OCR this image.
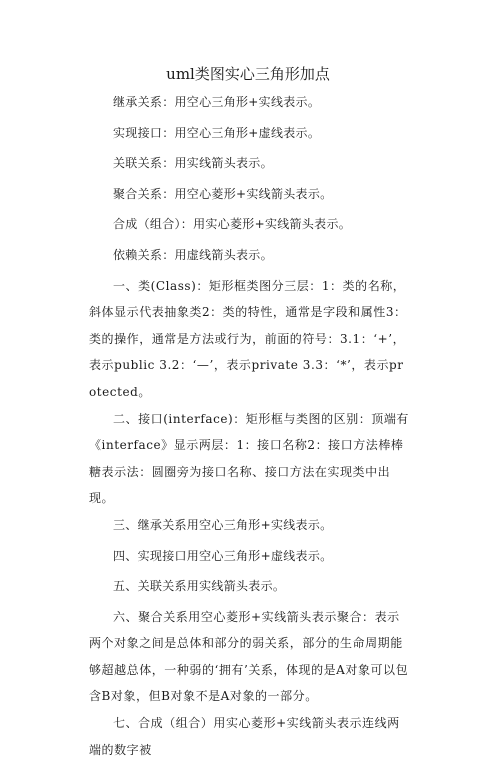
uml类图实心三角形加点

继承关系：用空心三角形+实线表示。

实现接口：用空心三角形+虚线表示。

关联关系：用实线箭头表示。

聚合关系：用空心菱形+实线箭头表示。

合成（组合）：用实心菱形+实线箭头表示。

依赖关系：用虚线箭头表示。

一、类(Class)：矩形框类图分三层：1：类的名称，斜体显示代表抽象类2：类的特性，通常是字段和属性3：类的操作，通常是方法或行为，前面的符号：3.1：‘+’，表示public 3.2：‘—’，表示private 3.3：‘*’，表示protected。

二、接口(interface)：矩形框与类图的区别：顶端有《interface》显示两层：1：接口名称2：接口方法棒棒糖表示法：圆圈旁为接口名称、接口方法在实现类中出现。

三、继承关系用空心三角形+实线表示。

四、实现接口用空心三角形+虚线表示。

五、关联关系用实线箭头表示。

六、聚合关系用空心菱形+实线箭头表示聚合：表示两个对象之间是总体和部分的弱关系，部分的生命周期能够超越总体，一种弱的‘拥有’关系，体现的是A对象可以包含B对象，但B对象不是A对象的一部分。

七、合成（组合）用实心菱形+实线箭头表示连线两端的数字被
